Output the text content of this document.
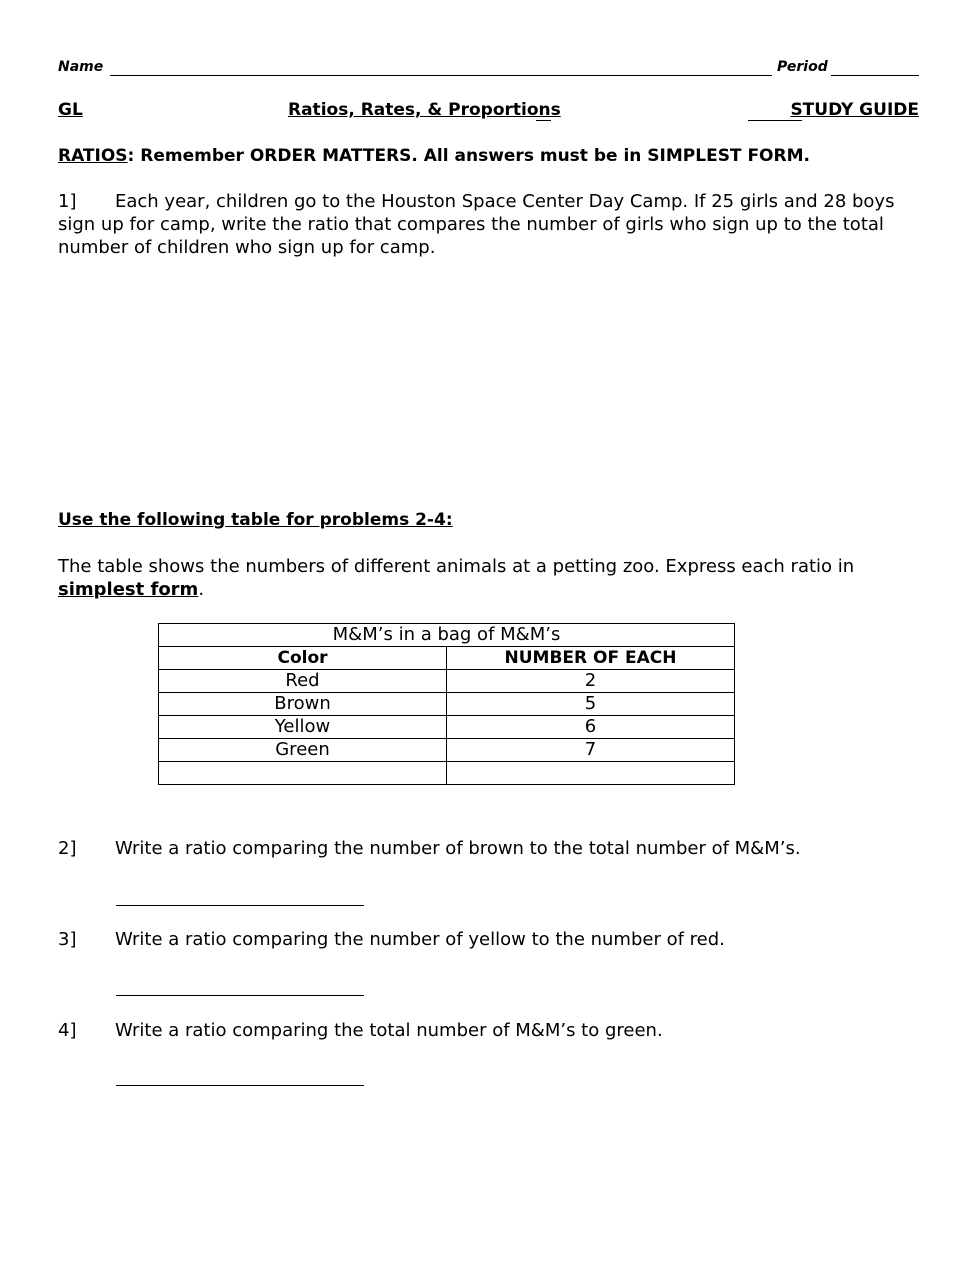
Name	Period
GL	Ratios, Rates, & Proportions	STUDY GUIDE
RATIOS: Remember ORDER MATTERS. All answers must be in SIMPLEST FORM.
1] Each year, children go to the Houston Space Center Day Camp. If 25 girls and 28 boys sign up for camp, write the ratio that compares the number of girls who sign up to the total number of children who sign up for camp.
Use the following table for problems 2-4:
The table shows the numbers of different animals at a petting zoo. Express each ratio in simplest form.
M&M’s in a bag of M&M’s	
Color	NUMBER OF EACH
Red	2
Brown	5
Yellow	6
Green	7

2] Write a ratio comparing the number of brown to the total number of M&M’s.
3] Write a ratio comparing the number of yellow to the number of red.
4] Write a ratio comparing the total number of M&M’s to green.
